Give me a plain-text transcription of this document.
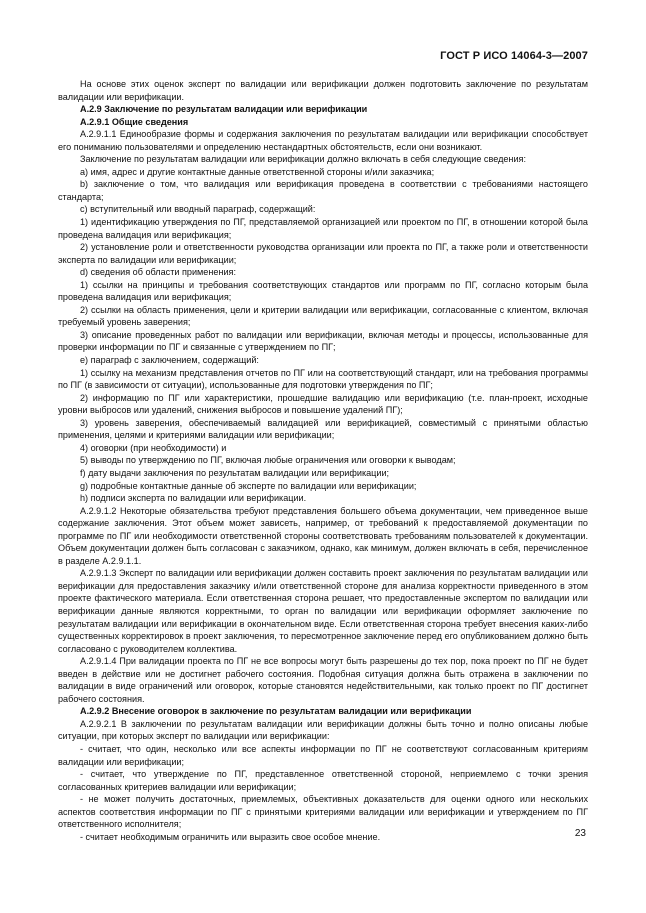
ГОСТ Р ИСО 14064-3—2007

На основе этих оценок эксперт по валидации или верификации должен подготовить заключение по результатам валидации или верификации.

A.2.9 Заключение по результатам валидации или верификации

A.2.9.1 Общие сведения

A.2.9.1.1 Единообразие формы и содержания заключения по результатам валидации или верификации способствует его пониманию пользователями и определению нестандартных обстоятельств, если они возникают.

Заключение по результатам валидации или верификации должно включать в себя следующие сведения:

a) имя, адрес и другие контактные данные ответственной стороны и/или заказчика;

b) заключение о том, что валидация или верификация проведена в соответствии с требованиями настоящего стандарта;

c) вступительный или вводный параграф, содержащий:

1) идентификацию утверждения по ПГ, представляемой организацией или проектом по ПГ, в отношении которой была проведена валидация или верификация;

2) установление роли и ответственности руководства организации или проекта по ПГ, а также роли и ответственности эксперта по валидации или верификации;

d) сведения об области применения:

1) ссылки на принципы и требования соответствующих стандартов или программ по ПГ, согласно которым была проведена валидация или верификация;

2) ссылки на область применения, цели и критерии валидации или верификации, согласованные с клиентом, включая требуемый уровень заверения;

3) описание проведенных работ по валидации или верификации, включая методы и процессы, использованные для проверки информации по ПГ и связанные с утверждением по ПГ;

e) параграф с заключением, содержащий:

1) ссылку на механизм представления отчетов по ПГ или на соответствующий стандарт, или на требования программы по ПГ (в зависимости от ситуации), использованные для подготовки утверждения по ПГ;

2) информацию по ПГ или характеристики, прошедшие валидацию или верификацию (т.е. план-проект, исходные уровни выбросов или удалений, снижения выбросов и повышение удалений ПГ);

3) уровень заверения, обеспечиваемый валидацией или верификацией, совместимый с принятыми областью применения, целями и критериями валидации или верификации;

4) оговорки (при необходимости) и

5) выводы по утверждению по ПГ, включая любые ограничения или оговорки к выводам;

f) дату выдачи заключения по результатам валидации или верификации;

g) подробные контактные данные об эксперте по валидации или верификации;

h) подписи эксперта по валидации или верификации.

A.2.9.1.2 Некоторые обязательства требуют представления большего объема документации, чем приведенное выше содержание заключения. Этот объем может зависеть, например, от требований к предоставляемой документации по программе по ПГ или необходимости ответственной стороны соответствовать требованиям пользователей к документации. Объем документации должен быть согласован с заказчиком, однако, как минимум, должен включать в себя, перечисленное в разделе A.2.9.1.1.

A.2.9.1.3 Эксперт по валидации или верификации должен составить проект заключения по результатам валидации или верификации для предоставления заказчику и/или ответственной стороне для анализа корректности приведенного в этом проекте фактического материала. Если ответственная сторона решает, что предоставленные экспертом по валидации или верификации данные являются корректными, то орган по валидации или верификации оформляет заключение по результатам валидации или верификации в окончательном виде. Если ответственная сторона требует внесения каких-либо существенных корректировок в проект заключения, то пересмотренное заключение перед его опубликованием должно быть согласовано с руководителем коллектива.

A.2.9.1.4 При валидации проекта по ПГ не все вопросы могут быть разрешены до тех пор, пока проект по ПГ не будет введен в действие или не достигнет рабочего состояния. Подобная ситуация должна быть отражена в заключении по валидации в виде ограничений или оговорок, которые становятся недействительными, как только проект по ПГ достигнет рабочего состояния.

A.2.9.2 Внесение оговорок в заключение по результатам валидации или верификации

A.2.9.2.1 В заключении по результатам валидации или верификации должны быть точно и полно описаны любые ситуации, при которых эксперт по валидации или верификации:

- считает, что один, несколько или все аспекты информации по ПГ не соответствуют согласованным критериям валидации или верификации;

- считает, что утверждение по ПГ, представленное ответственной стороной, неприемлемо с точки зрения согласованных критериев валидации или верификации;

- не может получить достаточных, приемлемых, объективных доказательств для оценки одного или нескольких аспектов соответствия информации по ПГ с принятыми критериями валидации или верификации и утверждением по ПГ ответственного исполнителя;

- считает необходимым ограничить или выразить свое особое мнение.	23
